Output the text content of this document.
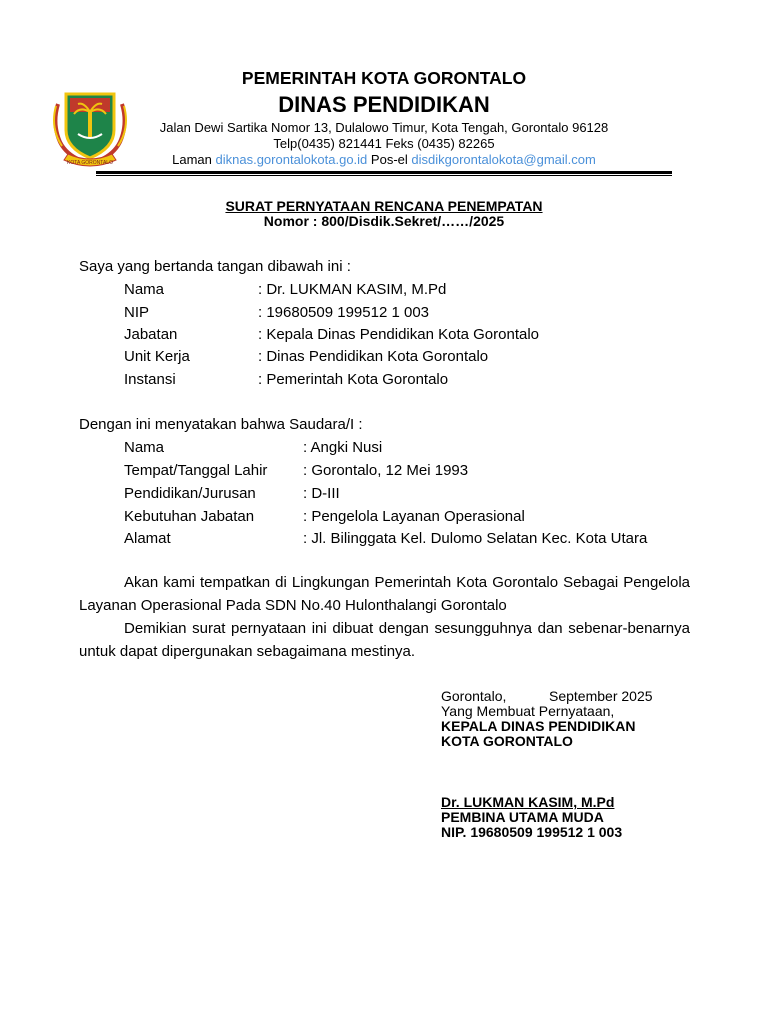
KOTA GORONTALO
PEMERINTAH KOTA GORONTALO
DINAS PENDIDIKAN
Jalan Dewi Sartika Nomor 13, Dulalowo Timur, Kota Tengah, Gorontalo 96128
Telp(0435) 821441 Feks (0435) 82265
Laman diknas.gorontalokota.go.id Pos-el disdikgorontalokota@gmail.com
SURAT PERNYATAAN RENCANA PENEMPATAN
Nomor : 800/Disdik.Sekret/……/2025
Saya yang bertanda tangan dibawah ini :
Nama	: Dr. LUKMAN KASIM, M.Pd
NIP	: 19680509 199512 1 003
Jabatan	: Kepala Dinas Pendidikan Kota Gorontalo
Unit Kerja	: Dinas Pendidikan Kota Gorontalo
Instansi	: Pemerintah Kota Gorontalo
Dengan ini menyatakan bahwa Saudara/I :
Nama	: Angki Nusi
Tempat/Tanggal Lahir : Gorontalo, 12 Mei 1993
Pendidikan/Jurusan	: D-III
Kebutuhan Jabatan	: Pengelola Layanan Operasional
Alamat	: Jl. Bilinggata Kel. Dulomo Selatan Kec. Kota Utara
Akan kami tempatkan di Lingkungan Pemerintah Kota Gorontalo Sebagai Pengelola Layanan Operasional Pada SDN No.40 Hulonthalangi Gorontalo
Demikian surat pernyataan ini dibuat dengan sesungguhnya dan sebenar-benarnya untuk dapat dipergunakan sebagaimana mestinya.
Gorontalo,	September 2025
Yang Membuat Pernyataan,
KEPALA DINAS PENDIDIKAN
KOTA GORONTALO
Dr. LUKMAN KASIM, M.Pd
PEMBINA UTAMA MUDA
NIP. 19680509 199512 1 003
